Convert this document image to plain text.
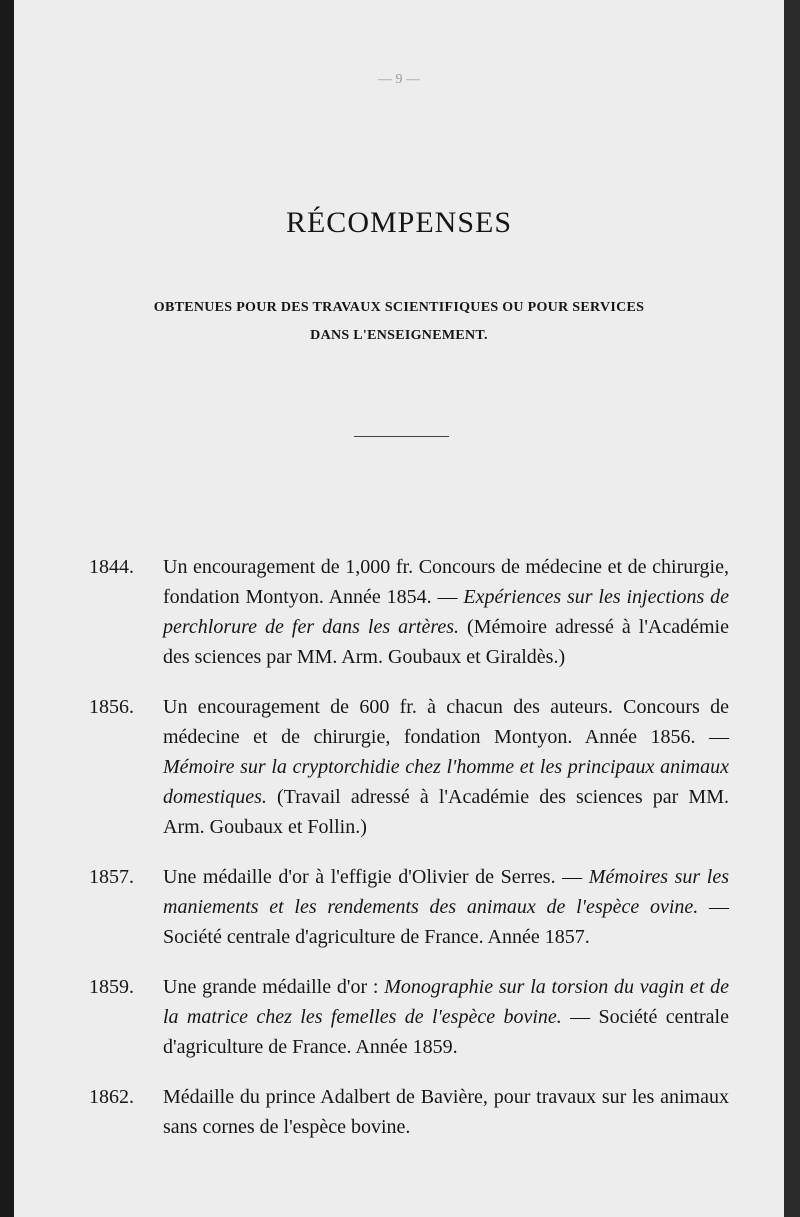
— 9 —
RÉCOMPENSES
OBTENUES POUR DES TRAVAUX SCIENTIFIQUES OU POUR SERVICES
DANS L'ENSEIGNEMENT.

1844. Un encouragement de 1,000 fr. Concours de médecine et de chirurgie, fondation Montyon. Année 1854. — Expériences sur les injections de perchlorure de fer dans les artères. (Mémoire adressé à l'Académie des sciences par MM. Arm. Goubaux et Giraldès.)

1856. Un encouragement de 600 fr. à chacun des auteurs. Concours de médecine et de chirurgie, fondation Montyon. Année 1856. — Mémoire sur la cryptorchidie chez l'homme et les principaux animaux domestiques. (Travail adressé à l'Académie des sciences par MM. Arm. Goubaux et Follin.)

1857. Une médaille d'or à l'effigie d'Olivier de Serres. — Mémoires sur les maniements et les rendements des animaux de l'espèce ovine. — Société centrale d'agriculture de France. Année 1857.

1859. Une grande médaille d'or : Monographie sur la torsion du vagin et de la matrice chez les femelles de l'espèce bovine. — Société centrale d'agriculture de France. Année 1859.

1862. Médaille du prince Adalbert de Bavière, pour travaux sur les animaux sans cornes de l'espèce bovine.
